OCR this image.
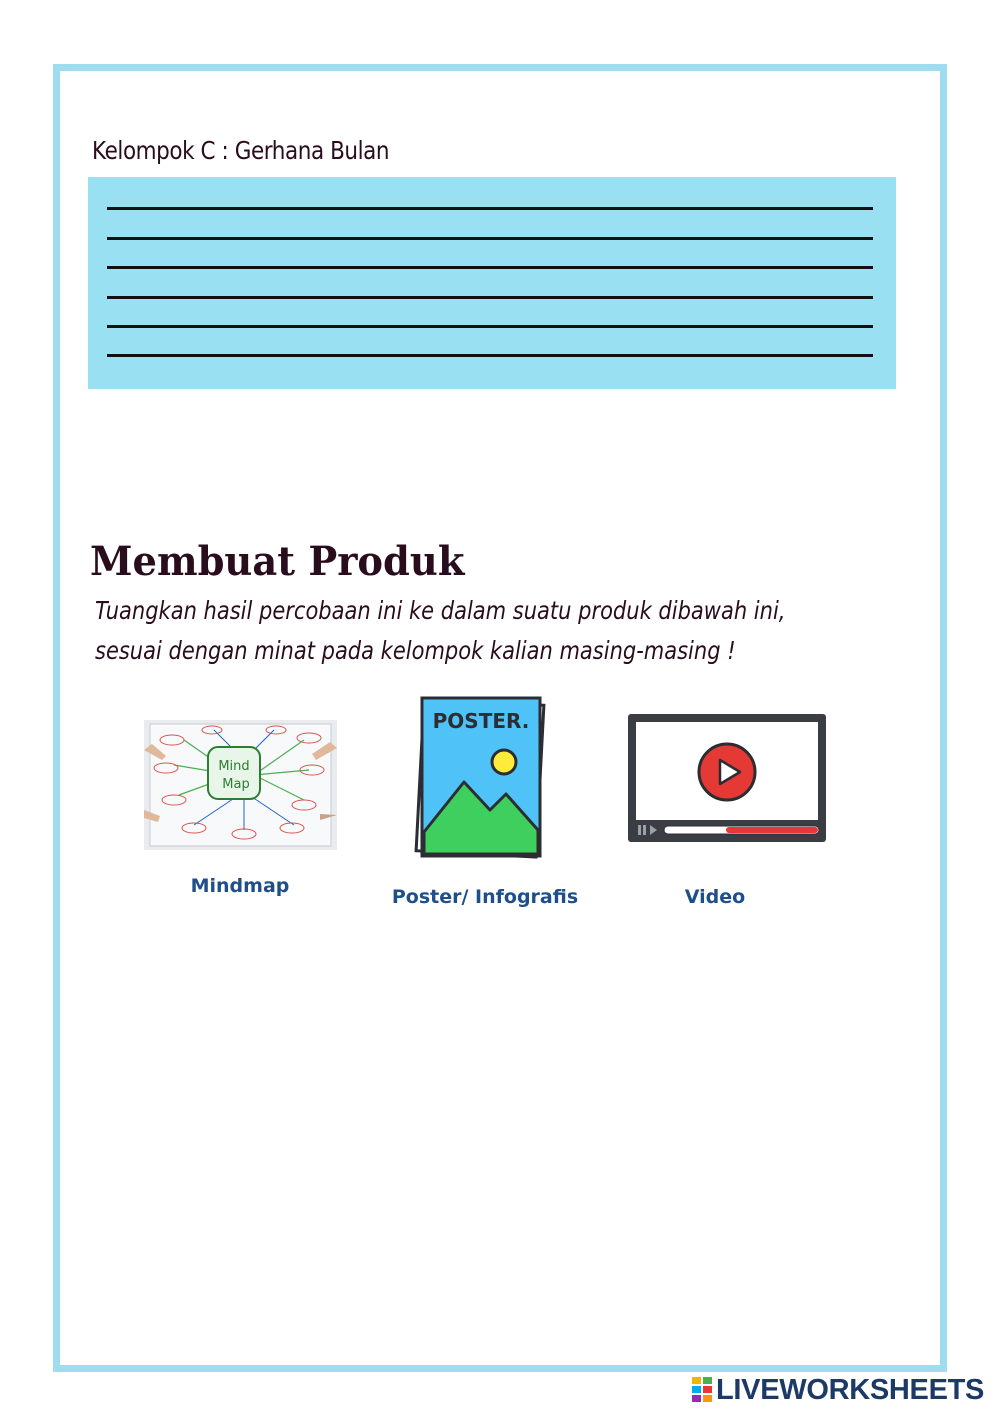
Kelompok C : Gerhana Bulan
Membuat Produk
Tuangkan hasil percobaan ini ke dalam suatu produk dibawah ini,
sesuai dengan minat pada kelompok kalian masing-masing !
Mind
Map
Mindmap
POSTER.
Poster/ Infografis	Video
LIVEWORKSHEETS
